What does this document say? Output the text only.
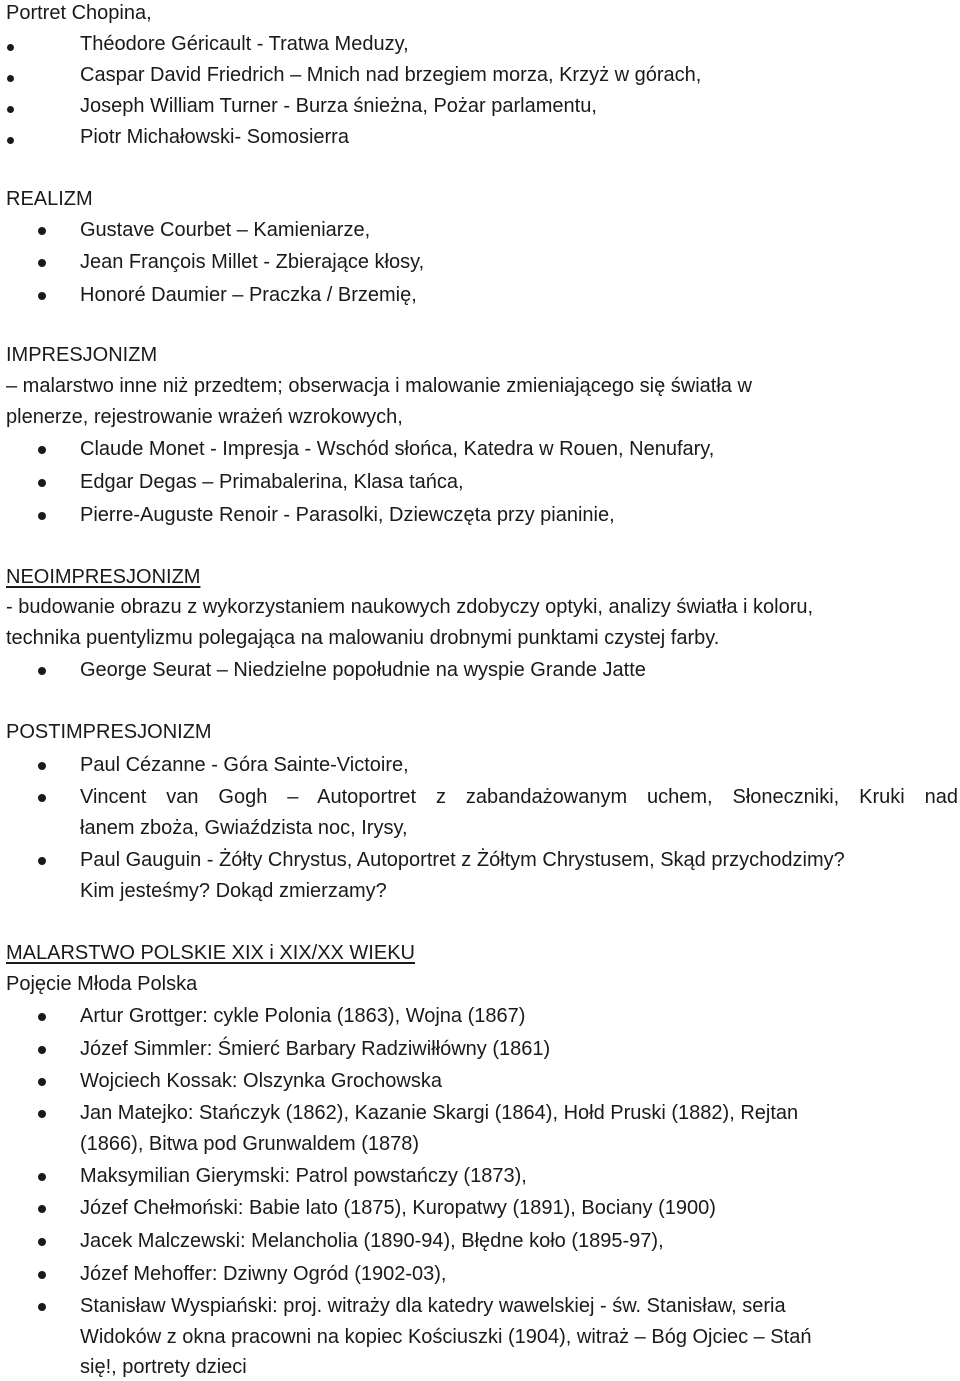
Portret Chopina,
Théodore Géricault - Tratwa Meduzy,
Caspar David Friedrich – Mnich nad brzegiem morza, Krzyż w górach,
Joseph William Turner - Burza śnieżna, Pożar parlamentu,
Piotr Michałowski- Somosierra
REALIZM
Gustave Courbet – Kamieniarze,
Jean François Millet - Zbierające kłosy,
Honoré Daumier – Praczka / Brzemię,
IMPRESJONIZM
– malarstwo inne niż przedtem; obserwacja i malowanie zmieniającego się światła w
plenerze, rejestrowanie wrażeń wzrokowych,
Claude Monet - Impresja - Wschód słońca, Katedra w Rouen, Nenufary,
Edgar Degas – Primabalerina, Klasa tańca,
Pierre-Auguste Renoir - Parasolki, Dziewczęta przy pianinie,
NEOIMPRESJONIZM
- budowanie obrazu z wykorzystaniem naukowych zdobyczy optyki, analizy światła i koloru,
technika puentylizmu polegająca na malowaniu drobnymi punktami czystej farby.
George Seurat – Niedzielne popołudnie na wyspie Grande Jatte
POSTIMPRESJONIZM
Paul Cézanne - Góra Sainte-Victoire,
Vincent van Gogh – Autoportret z zabandażowanym uchem, Słoneczniki, Kruki nad
łanem zboża, Gwiaździsta noc, Irysy,
Paul Gauguin - Żółty Chrystus, Autoportret z Żółtym Chrystusem, Skąd przychodzimy?
Kim jesteśmy? Dokąd zmierzamy?
MALARSTWO POLSKIE XIX i XIX/XX WIEKU
Pojęcie Młoda Polska
Artur Grottger: cykle Polonia (1863), Wojna (1867)
Józef Simmler: Śmierć Barbary Radziwiłłówny (1861)
Wojciech Kossak: Olszynka Grochowska
Jan Matejko: Stańczyk (1862), Kazanie Skargi (1864), Hołd Pruski (1882), Rejtan
(1866), Bitwa pod Grunwaldem (1878)
Maksymilian Gierymski: Patrol powstańczy (1873),
Józef Chełmoński: Babie lato (1875), Kuropatwy (1891), Bociany (1900)
Jacek Malczewski: Melancholia (1890-94), Błędne koło (1895-97),
Józef Mehoffer: Dziwny Ogród (1902-03),
Stanisław Wyspiański: proj. witraży dla katedry wawelskiej - św. Stanisław, seria
Widoków z okna pracowni na kopiec Kościuszki (1904), witraż – Bóg Ojciec – Stań
się!, portrety dzieci
